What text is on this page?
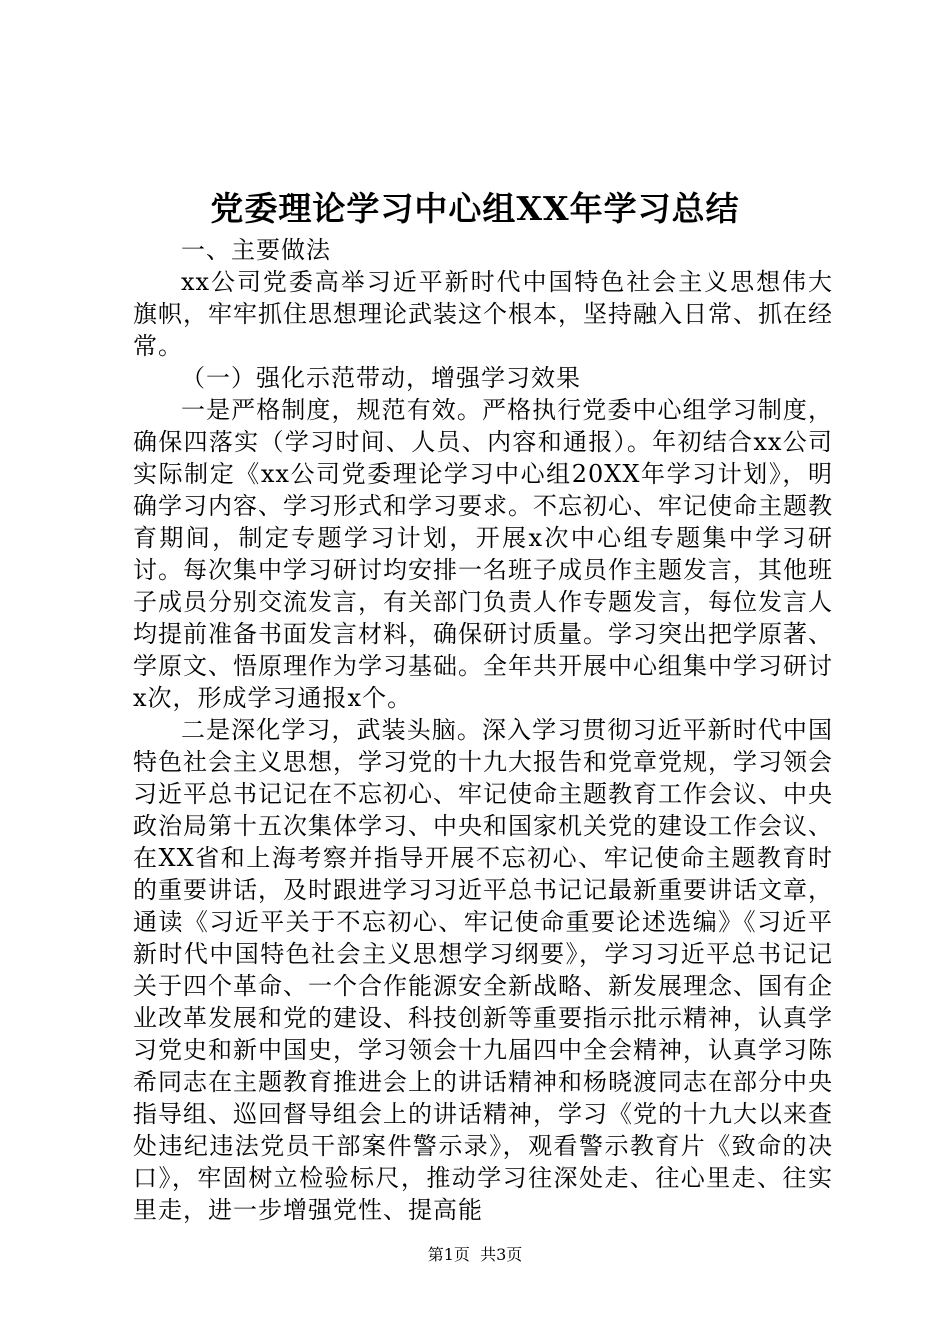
党委理论学习中心组XX年学习总结

一、主要做法

xx公司党委高举习近平新时代中国特色社会主义思想伟大旗帜，牢牢抓住思想理论武装这个根本，坚持融入日常、抓在经常。

（一）强化示范带动，增强学习效果

一是严格制度，规范有效。严格执行党委中心组学习制度，确保四落实（学习时间、人员、内容和通报）。年初结合xx公司实际制定《xx公司党委理论学习中心组20XX年学习计划》，明确学习内容、学习形式和学习要求。不忘初心、牢记使命主题教育期间，制定专题学习计划，开展x次中心组专题集中学习研讨。每次集中学习研讨均安排一名班子成员作主题发言，其他班子成员分别交流发言，有关部门负责人作专题发言，每位发言人均提前准备书面发言材料，确保研讨质量。学习突出把学原著、学原文、悟原理作为学习基础。全年共开展中心组集中学习研讨x次，形成学习通报x个。

二是深化学习，武装头脑。深入学习贯彻习近平新时代中国特色社会主义思想，学习党的十九大报告和党章党规，学习领会习近平总书记记在不忘初心、牢记使命主题教育工作会议、中央政治局第十五次集体学习、中央和国家机关党的建设工作会议、在XX省和上海考察并指导开展不忘初心、牢记使命主题教育时的重要讲话，及时跟进学习习近平总书记记最新重要讲话文章，通读《习近平关于不忘初心、牢记使命重要论述选编》《习近平新时代中国特色社会主义思想学习纲要》，学习习近平总书记记关于四个革命、一个合作能源安全新战略、新发展理念、国有企业改革发展和党的建设、科技创新等重要指示批示精神，认真学习党史和新中国史，学习领会十九届四中全会精神，认真学习陈希同志在主题教育推进会上的讲话精神和杨晓渡同志在部分中央指导组、巡回督导组会上的讲话精神，学习《党的十九大以来查处违纪违法党员干部案件警示录》，观看警示教育片《致命的决口》，牢固树立检验标尺，推动学习往深处走、往心里走、往实里走，进一步增强党性、提高能

第1页 共3页
